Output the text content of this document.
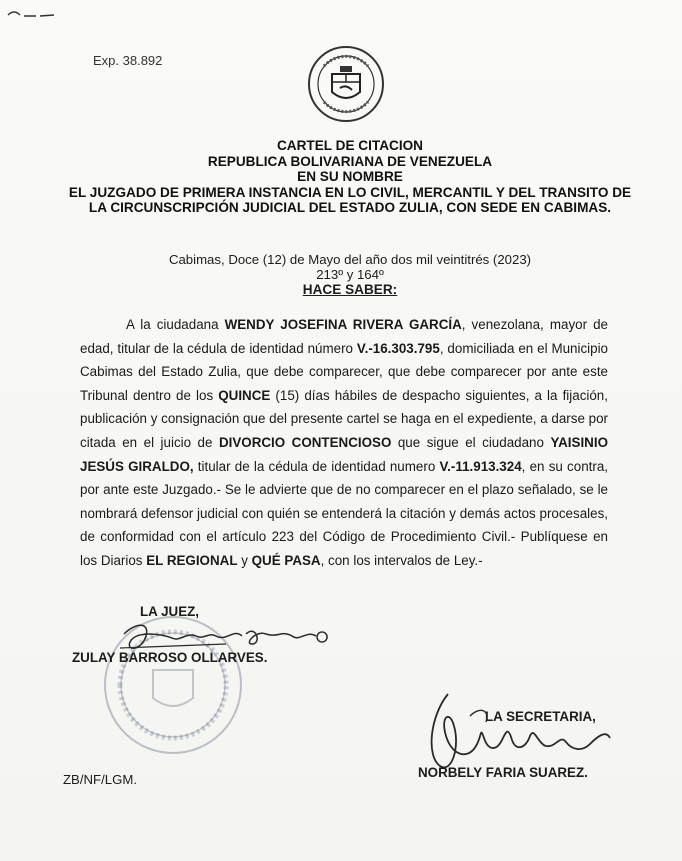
Exp. 38.892
CARTEL DE CITACION
REPUBLICA BOLIVARIANA DE VENEZUELA
EN SU NOMBRE
EL JUZGADO DE PRIMERA INSTANCIA EN LO CIVIL, MERCANTIL Y DEL TRANSITO DE LA CIRCUNSCRIPCIÓN JUDICIAL DEL ESTADO ZULIA, CON SEDE EN CABIMAS.
Cabimas, Doce (12) de Mayo del año dos mil veintitrés (2023)
213º y 164º
HACE SABER:

A la ciudadana WENDY JOSEFINA RIVERA GARCÍA, venezolana, mayor de edad, titular de la cédula de identidad número V.-16.303.795, domiciliada en el Municipio Cabimas del Estado Zulia, que debe comparecer, que debe comparecer por ante este Tribunal dentro de los QUINCE (15) días hábiles de despacho siguientes, a la fijación, publicación y consignación que del presente cartel se haga en el expediente, a darse por citada en el juicio de DIVORCIO CONTENCIOSO que sigue el ciudadano YAISINIO JESÚS GIRALDO, titular de la cédula de identidad numero V.-11.913.324, en su contra, por ante este Juzgado.- Se le advierte que de no comparecer en el plazo señalado, se le nombrará defensor judicial con quién se entenderá la citación y demás actos procesales, de conformidad con el artículo 223 del Código de Procedimiento Civil.- Publíquese en los Diarios EL REGIONAL y QUÉ PASA, con los intervalos de Ley.-

LA JUEZ,
ZULAY BARROSO OLLARVES.
LA SECRETARIA,
NORBELY FARIA SUAREZ.
ZB/NF/LGM.
